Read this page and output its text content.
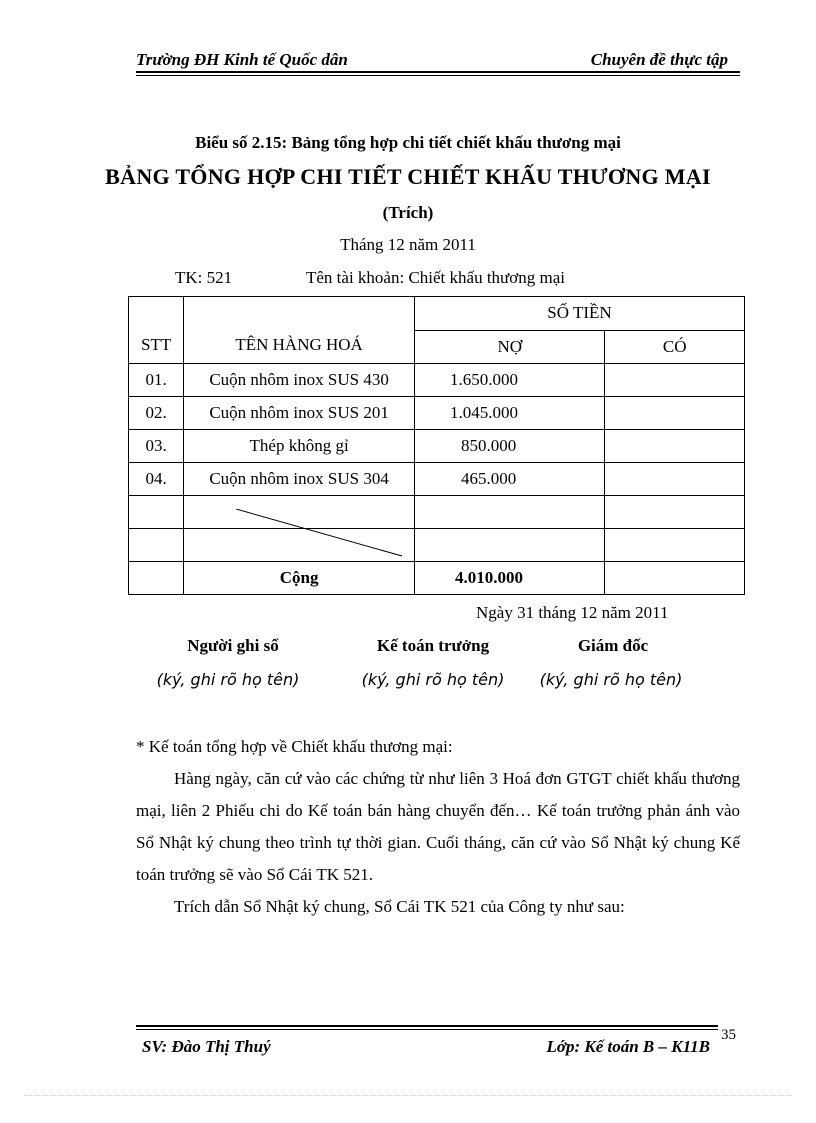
Trường ĐH Kinh tế Quốc dân	Chuyên đề thực tập
Biểu số 2.15: Bảng tổng hợp chi tiết chiết khấu thương mại
BẢNG TỔNG HỢP CHI TIẾT CHIẾT KHẤU THƯƠNG MẠI
(Trích)
Tháng 12 năm 2011
TK: 521	Tên tài khoản: Chiết khấu thương mại
STT	TÊN HÀNG HOÁ	SỐ TIỀN	
		NỢ	CÓ
01.	Cuộn nhôm inox SUS 430	1.650.000	
02.	Cuộn nhôm inox SUS 201	1.045.000	
03.	Thép không gỉ	850.000	
04.	Cuộn nhôm inox SUS 304	465.000	

	Cộng	4.010.000	
Ngày 31 tháng 12 năm 2011
Người ghi sổ	Kế toán trưởng	Giám đốc
(ký, ghi rõ họ tên)	(ký, ghi rõ họ tên)	(ký, ghi rõ họ tên)
* Kế toán tổng hợp về Chiết khấu thương mại:
Hàng ngày, căn cứ vào các chứng từ như liên 3 Hoá đơn GTGT chiết khấu thương mại, liên 2 Phiếu chi do Kế toán bán hàng chuyển đến… Kế toán trưởng phản ánh vào Sổ Nhật ký chung theo trình tự thời gian. Cuối tháng, căn cứ vào Sổ Nhật ký chung Kế toán trưởng sẽ vào Sổ Cái TK 521.
Trích dẫn Sổ Nhật ký chung, Sổ Cái TK 521 của Công ty như sau:
SV: Đào Thị Thuý	Lớp: Kế toán B – K11B
35
